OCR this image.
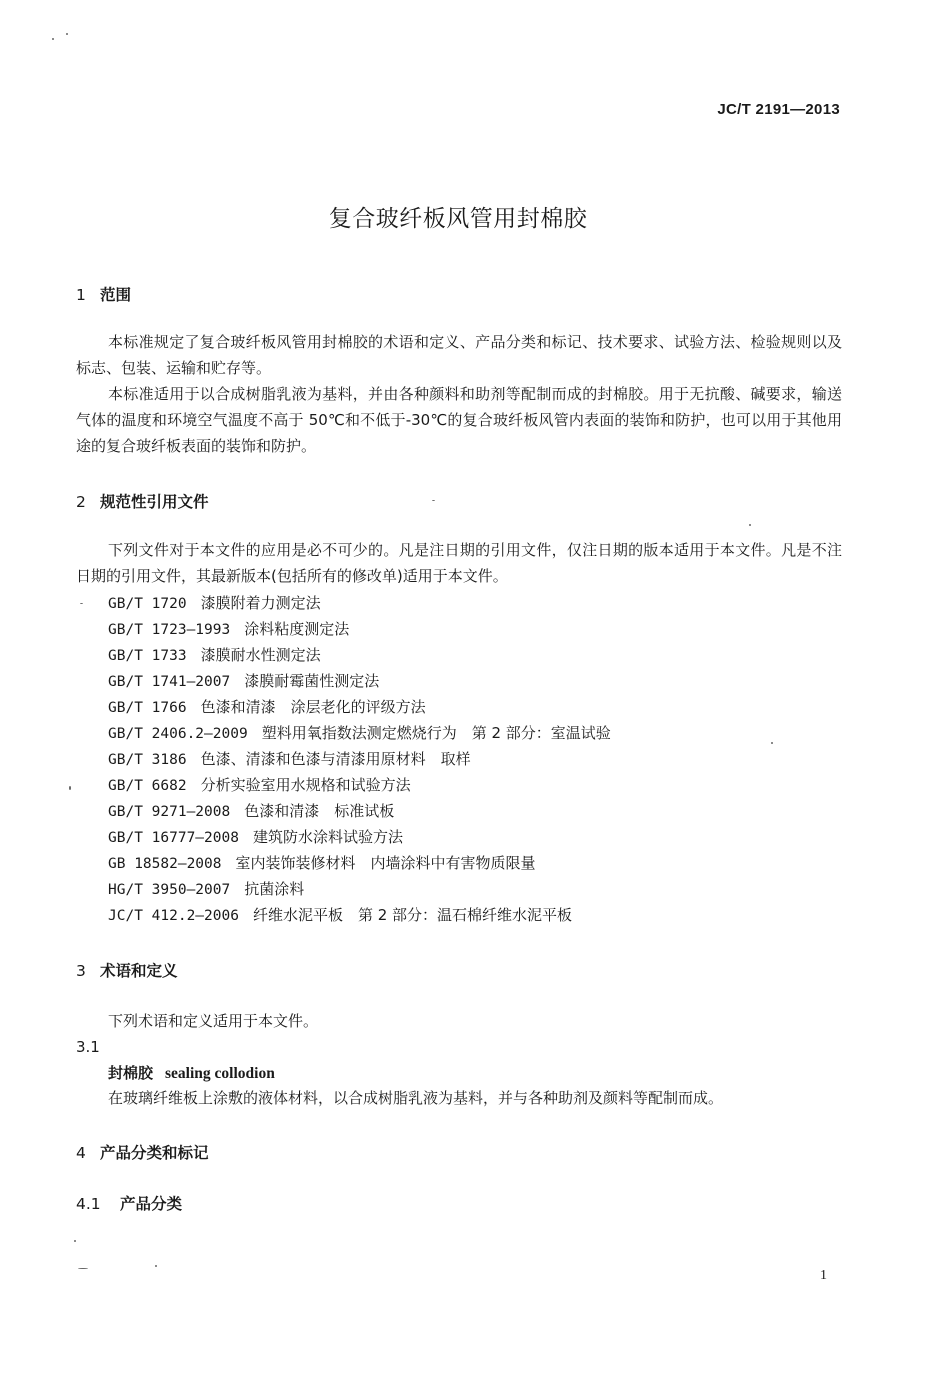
JC/T 2191—2013
复合玻纤板风管用封棉胶
1 范围

本标准规定了复合玻纤板风管用封棉胶的术语和定义、产品分类和标记、技术要求、试验方法、检验规则以及标志、包装、运输和贮存等。

本标准适用于以合成树脂乳液为基料，并由各种颜料和助剂等配制而成的封棉胶。用于无抗酸、碱要求，输送气体的温度和环境空气温度不高于 50℃和不低于-30℃的复合玻纤板风管内表面的装饰和防护，也可以用于其他用途的复合玻纤板表面的装饰和防护。

2 规范性引用文件

下列文件对于本文件的应用是必不可少的。凡是注日期的引用文件，仅注日期的版本适用于本文件。凡是不注日期的引用文件，其最新版本(包括所有的修改单)适用于本文件。

GB/T 1720 漆膜附着力测定法
GB/T 1723—1993 涂料粘度测定法
GB/T 1733 漆膜耐水性测定法
GB/T 1741—2007 漆膜耐霉菌性测定法
GB/T 1766 色漆和清漆　涂层老化的评级方法
GB/T 2406.2—2009 塑料用氧指数法测定燃烧行为　第 2 部分：室温试验
GB/T 3186 色漆、清漆和色漆与清漆用原材料　取样
GB/T 6682 分析实验室用水规格和试验方法
GB/T 9271—2008 色漆和清漆　标准试板
GB/T 16777—2008 建筑防水涂料试验方法
GB 18582—2008 室内装饰装修材料　内墙涂料中有害物质限量
HG/T 3950—2007 抗菌涂料
JC/T 412.2—2006 纤维水泥平板　第 2 部分：温石棉纤维水泥平板
3 术语和定义
下列术语和定义适用于本文件。
3.1
封棉胶 sealing collodion
在玻璃纤维板上涂敷的液体材料，以合成树脂乳液为基料，并与各种助剂及颜料等配制而成。
4 产品分类和标记
4.1 产品分类
1
